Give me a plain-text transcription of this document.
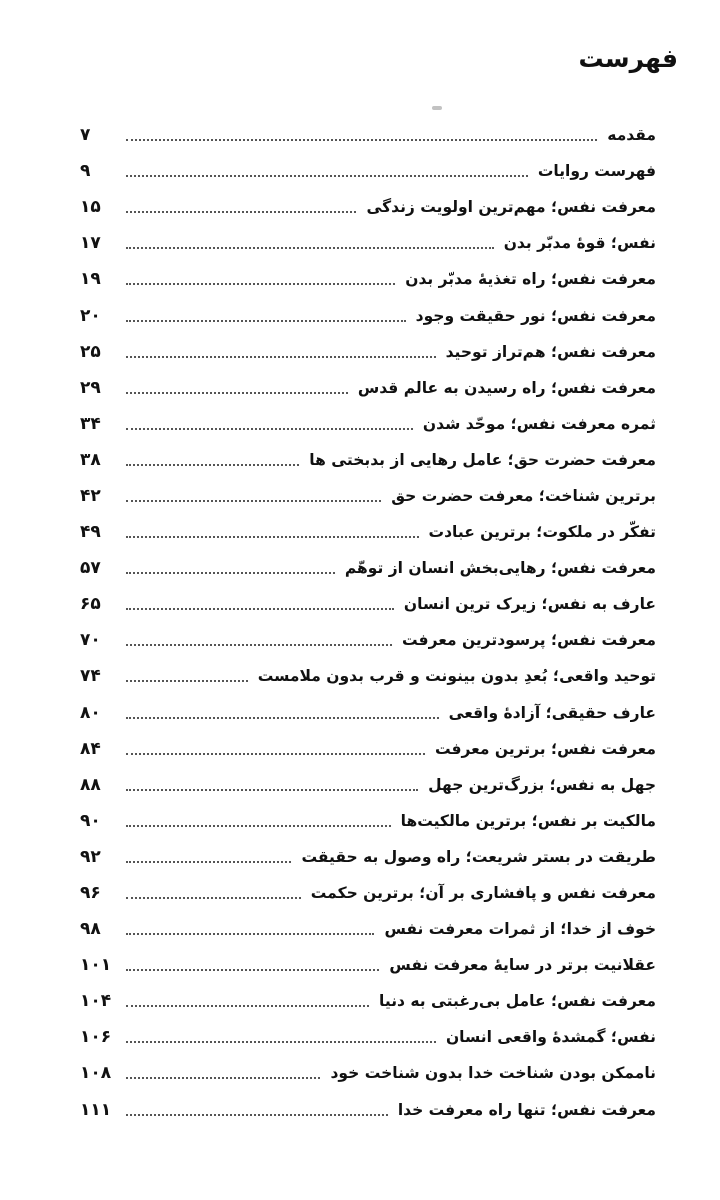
فهرست
مقدمه
۷
فهرست روایات
۹
معرفت نفس؛ مهم‌ترین اولویت زندگی
۱۵
نفس؛ قوهٔ مدبّر بدن
۱۷
معرفت نفس؛ راه تغذیهٔ مدبّر بدن
۱۹
معرفت نفس؛ نور حقیقت وجود
۲۰
معرفت نفس؛ هم‌تراز توحید
۲۵
معرفت نفس؛ راه رسیدن به عالم قدس
۲۹
ثمره معرفت نفس؛ موحّد شدن
۳۴
معرفت حضرت حق؛ عامل رهایی از بدبختی ها
۳۸
برترین شناخت؛ معرفت حضرت حق
۴۲
تفکّر در ملکوت؛ برترین عبادت
۴۹
معرفت نفس؛ رهایی‌بخش انسان از توهّم
۵۷
عارف به نفس؛ زیرک ترین انسان
۶۵
معرفت نفس؛ پرسودترین معرفت
۷۰
توحید واقعی؛ بُعدِ بدون بینونت و قرب بدون ملامست
۷۴
عارف حقیقی؛ آزادهٔ واقعی
۸۰
معرفت نفس؛ برترین معرفت
۸۴
جهل به نفس؛ بزرگ‌ترین جهل
۸۸
مالکیت بر نفس؛ برترین مالکیت‌ها
۹۰
طریقت در بستر شریعت؛ راه وصول به حقیقت
۹۲
معرفت نفس و پافشاری بر آن؛ برترین حکمت
۹۶
خوف از خدا؛ از ثمرات معرفت نفس
۹۸
عقلانیت برتر در سایهٔ معرفت نفس
۱۰۱
معرفت نفس؛ عامل بی‌رغبتی به دنیا
۱۰۴
نفس؛ گمشدهٔ واقعی انسان
۱۰۶
ناممکن بودن شناخت خدا بدون شناخت خود
۱۰۸
معرفت نفس؛ تنها راه معرفت خدا
۱۱۱
